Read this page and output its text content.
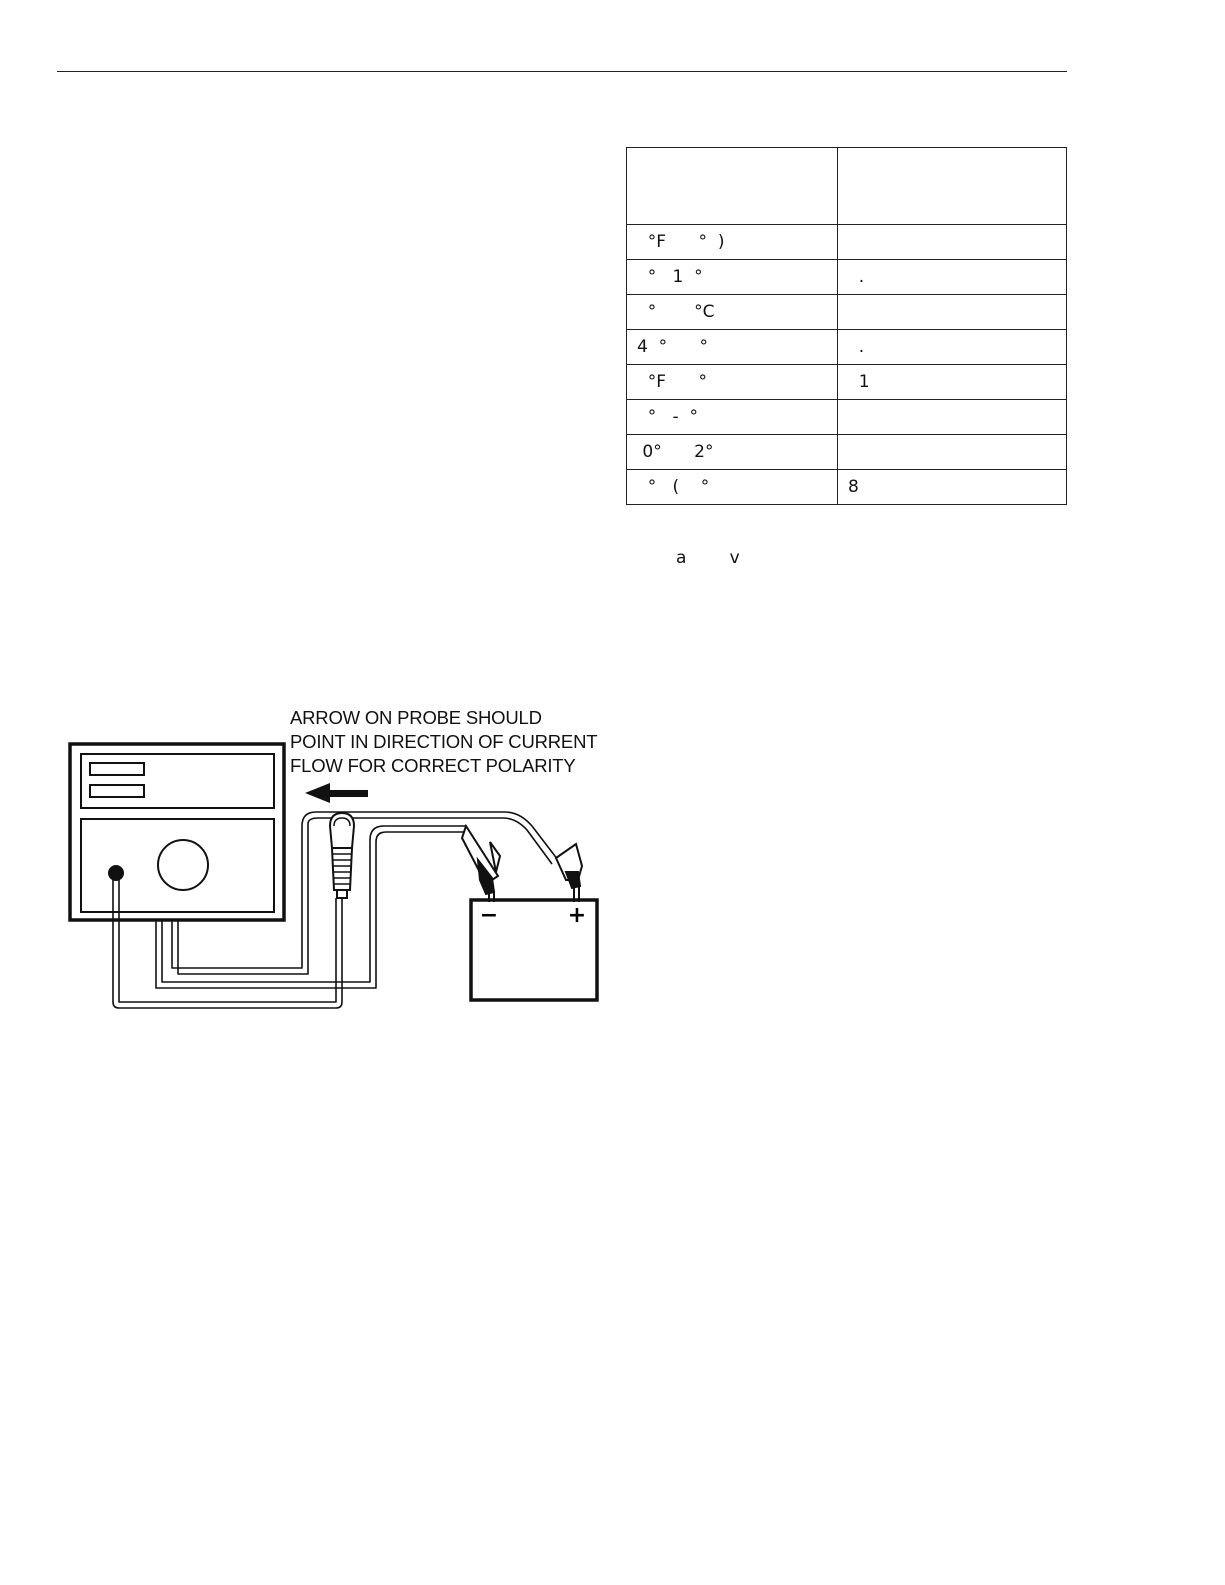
°F      °  )	
°   1  °	.
°       °C	
4  °      °	.
°F      °	1
°   -  °	
0°      2°	
°   (    °	8
a        v
−	+
ARROW ON PROBE SHOULD
POINT IN DIRECTION OF CURRENT
FLOW FOR CORRECT POLARITY
